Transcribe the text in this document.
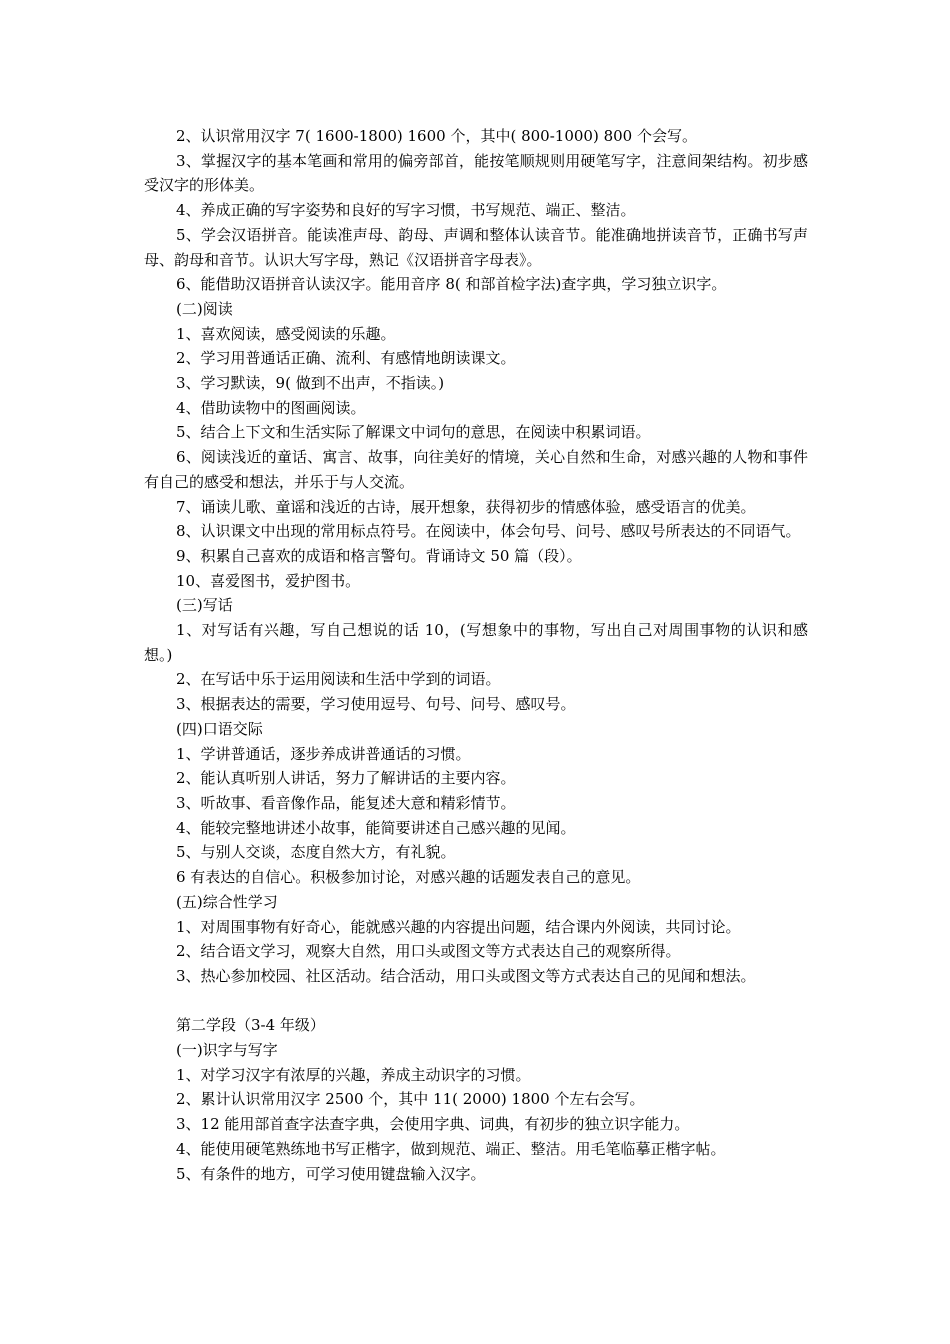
2、认识常用汉字 7( 1600-1800) 1600 个，其中( 800-1000) 800 个会写。

3、掌握汉字的基本笔画和常用的偏旁部首，能按笔顺规则用硬笔写字，注意间架结构。初步感受汉字的形体美。

4、养成正确的写字姿势和良好的写字习惯，书写规范、端正、整洁。

5、学会汉语拼音。能读准声母、韵母、声调和整体认读音节。能准确地拼读音节，正确书写声母、韵母和音节。认识大写字母，熟记《汉语拼音字母表》。

6、能借助汉语拼音认读汉字。能用音序 8( 和部首检字法)查字典，学习独立识字。

(二)阅读

1、喜欢阅读，感受阅读的乐趣。

2、学习用普通话正确、流利、有感情地朗读课文。

3、学习默读，9( 做到不出声，不指读。)

4、借助读物中的图画阅读。

5、结合上下文和生活实际了解课文中词句的意思，在阅读中积累词语。

6、阅读浅近的童话、寓言、故事，向往美好的情境，关心自然和生命，对感兴趣的人物和事件有自己的感受和想法，并乐于与人交流。

7、诵读儿歌、童谣和浅近的古诗，展开想象，获得初步的情感体验，感受语言的优美。

8、认识课文中出现的常用标点符号。在阅读中，体会句号、问号、感叹号所表达的不同语气。

9、积累自己喜欢的成语和格言警句。背诵诗文 50 篇（段）。

10、喜爱图书，爱护图书。

(三)写话

1、对写话有兴趣，写自己想说的话 10，(写想象中的事物，写出自己对周围事物的认识和感想。)

2、在写话中乐于运用阅读和生活中学到的词语。

3、根据表达的需要，学习使用逗号、句号、问号、感叹号。

(四)口语交际

1、学讲普通话，逐步养成讲普通话的习惯。

2、能认真听别人讲话，努力了解讲话的主要内容。

3、听故事、看音像作品，能复述大意和精彩情节。

4、能较完整地讲述小故事，能简要讲述自己感兴趣的见闻。

5、与别人交谈，态度自然大方，有礼貌。

6 有表达的自信心。积极参加讨论，对感兴趣的话题发表自己的意见。

(五)综合性学习

1、对周围事物有好奇心，能就感兴趣的内容提出问题，结合课内外阅读，共同讨论。

2、结合语文学习，观察大自然，用口头或图文等方式表达自己的观察所得。

3、热心参加校园、社区活动。结合活动，用口头或图文等方式表达自己的见闻和想法。

第二学段（3-4 年级）

(一)识字与写字

1、对学习汉字有浓厚的兴趣，养成主动识字的习惯。

2、累计认识常用汉字 2500 个，其中 11( 2000) 1800 个左右会写。

3、12 能用部首查字法查字典，会使用字典、词典，有初步的独立识字能力。

4、能使用硬笔熟练地书写正楷字，做到规范、端正、整洁。用毛笔临摹正楷字帖。

5、有条件的地方，可学习使用键盘输入汉字。
